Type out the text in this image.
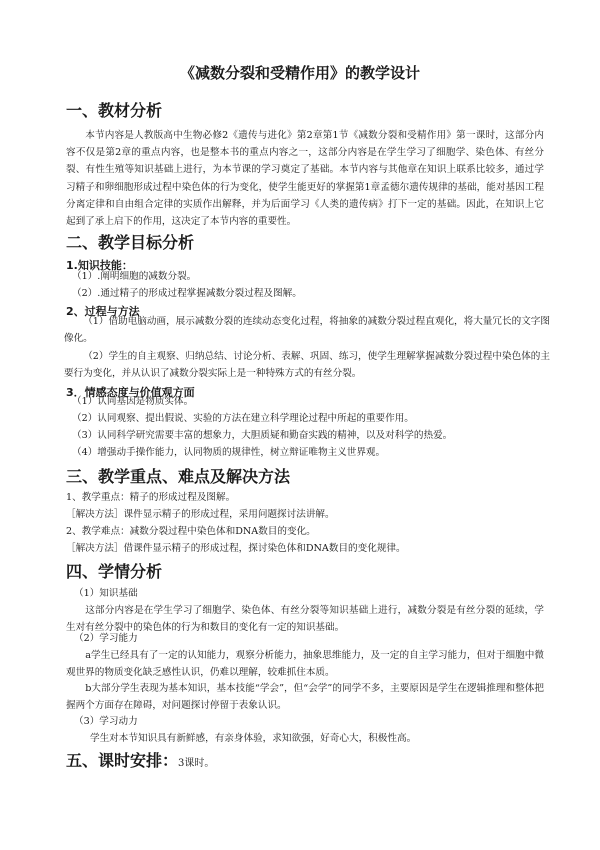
《减数分裂和受精作用》的教学设计
一、教材分析
本节内容是人教版高中生物必修2《遗传与进化》第2章第1节《减数分裂和受精作用》第一课时，这部分内容不仅是第2章的重点内容，也是整本书的重点内容之一，这部分内容是在学生学习了细胞学、染色体、有丝分裂、有性生殖等知识基础上进行，为本节课的学习奠定了基础。本节内容与其他章在知识上联系比较多，通过学习精子和卵细胞形成过程中染色体的行为变化，使学生能更好的掌握第1章孟德尔遗传规律的基础，能对基因工程分离定律和自由组合定律的实质作出解释，并为后面学习《人类的遗传病》打下一定的基础。因此，在知识上它起到了承上启下的作用，这决定了本节内容的重要性。
二、教学目标分析
1.知识技能：
（1）.阐明细胞的减数分裂。
（2）.通过精子的形成过程掌握减数分裂过程及图解。
2、过程与方法
（1）借助电脑动画，展示减数分裂的连续动态变化过程，将抽象的减数分裂过程直观化，将大量冗长的文字图像化。
（2）学生的自主观察、归纳总结、讨论分析、表解、巩固、练习，使学生理解掌握减数分裂过程中染色体的主要行为变化，并从认识了减数分裂实际上是一种特殊方式的有丝分裂。
3．情感态度与价值观方面
（1）认同基因是物质实体。
（2）认同观察、提出假说、实验的方法在建立科学理论过程中所起的重要作用。
（3）认同科学研究需要丰富的想象力，大胆质疑和勤奋实践的精神，以及对科学的热爱。
（4）增强动手操作能力，认同物质的规律性，树立辩证唯物主义世界观。
三、教学重点、难点及解决方法
1、教学重点：精子的形成过程及图解。
［解决方法］课件显示精子的形成过程，采用问题探讨法讲解。
2、教学难点：减数分裂过程中染色体和DNA数目的变化。
［解决方法］借课件显示精子的形成过程，探讨染色体和DNA数目的变化规律。
四、学情分析
（1）知识基础
这部分内容是在学生学习了细胞学、染色体、有丝分裂等知识基础上进行，减数分裂是有丝分裂的延续，学生对有丝分裂中的染色体的行为和数目的变化有一定的知识基础。
（2）学习能力
a学生已经具有了一定的认知能力，观察分析能力，抽象思维能力，及一定的自主学习能力，但对于细胞中微观世界的物质变化缺乏感性认识，仍难以理解，较难抓住本质。
b大部分学生表现为基本知识，基本技能“学会”，但“会学”的同学不多，主要原因是学生在逻辑推理和整体把握两个方面存在障碍，对问题探讨停留于表象认识。
（3）学习动力
学生对本节知识具有新鲜感，有亲身体验，求知欲强，好奇心大，积极性高。
五、课时安排：3课时。
